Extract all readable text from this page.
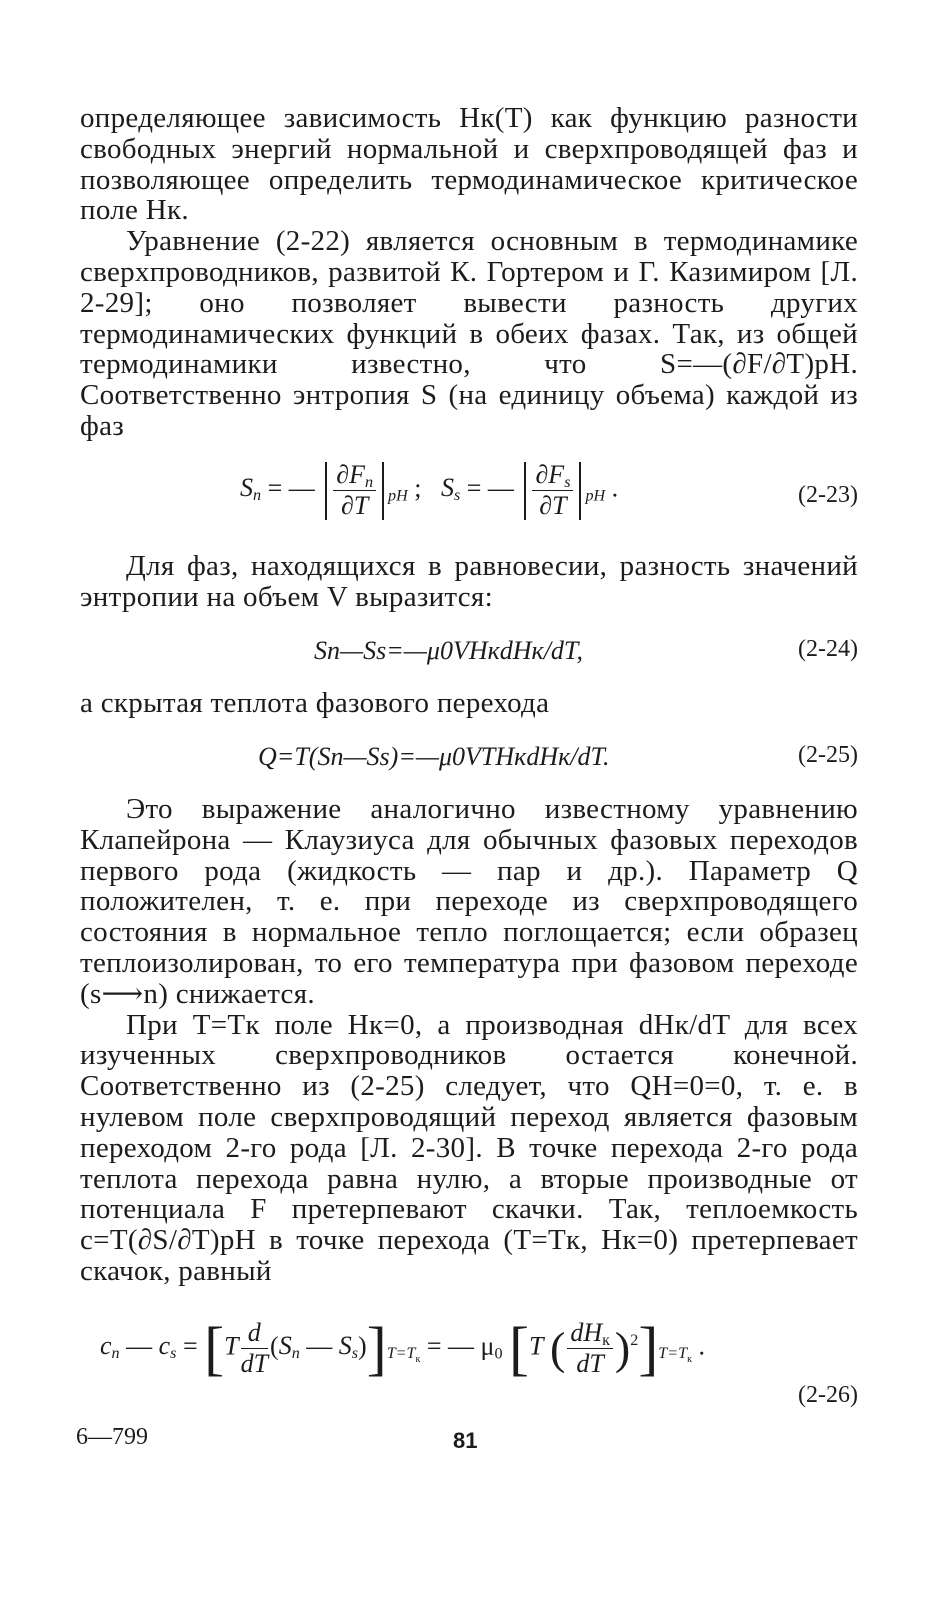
определяющее зависимость Hк(T) как функцию разности свободных энергий нормальной и сверхпроводящей фаз и позволяющее определить термодинамическое критическое поле Hк.

Уравнение (2-22) является основным в термодинамике сверхпроводников, развитой К. Гортером и Г. Казимиром [Л. 2-29]; оно позволяет вывести разность других термодинамических функций в обеих фазах. Так, из общей термодинамики известно, что S=—(∂F/∂T)pH. Соответственно энтропия S (на единицу объема) каждой из фаз

$S_n$ = — $\frac{\partial F_n}{\partial T} _{pH}$ ;   $S_s$ = — $\frac{\partial F_s}{\partial T} _{pH}$ .	(2-23)

Для фаз, находящихся в равновесии, разность значений энтропии на объем V выразится:

Sn—Ss=—μ0VHкdHк/dT,	(2-24)

а скрытая теплота фазового перехода

Q=T(Sn—Ss)=—μ0VTHкdHк/dT.	(2-25)

Это выражение аналогично известному уравнению Клапейрона — Клаузиуса для обычных фазовых переходов первого рода (жидкость — пар и др.). Параметр Q положителен, т. е. при переходе из сверхпроводящего состояния в нормальное тепло поглощается; если образец теплоизолирован, то его температура при фазовом переходе (s⟶n) снижается.

При T=Tк поле Hк=0, а производная dHк/dT для всех изученных сверхпроводников остается конечной. Соответственно из (2-25) следует, что QH=0=0, т. е. в нулевом поле сверхпроводящий переход является фазовым переходом 2-го рода [Л. 2-30]. В точке перехода 2-го рода теплота перехода равна нулю, а вторые производные от потенциала F претерпевают скачки. Так, теплоемкость c=T(∂S/∂T)pH в точке перехода (T=Tк, Hк=0) претерпевает скачок, равный

$c_n$ — $c_s = [T \frac{d}{dT} (S_n$ — $S_s)]_{T=T_к}$ = — $\mu_0$ [T ( $\frac{dH_к}{dT} )^2]_{T=T_к}$ .
(2-26)
6—799	81
